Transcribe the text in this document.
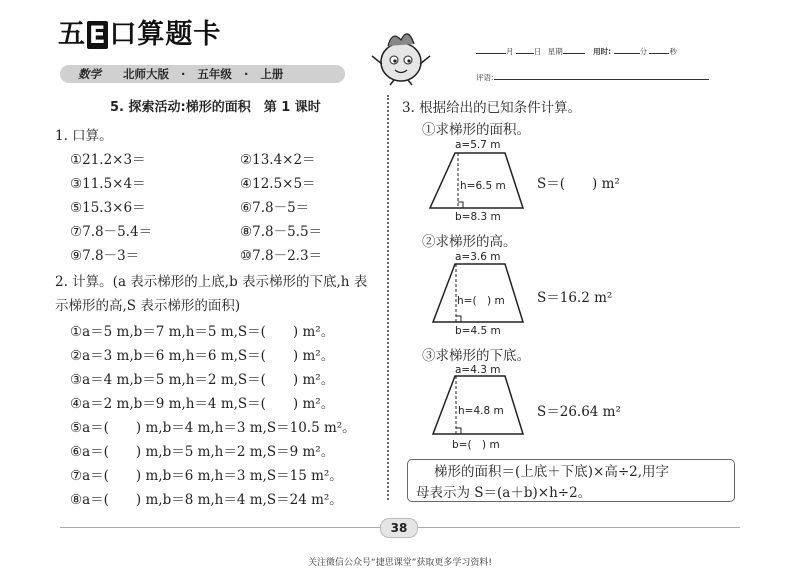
五 E 口算题卡
数学 北师大版 · 五年级 · 上册
月	日 星期	用时:	分	秒
评语:
5. 探索活动:梯形的面积　第 1 课时
1. 口算。
①21.2×3＝	②13.4×2＝
③11.5×4＝	④12.5×5＝
⑤15.3×6＝	⑥7.8－5＝
⑦7.8－5.4＝	⑧7.8－5.5＝
⑨7.8－3＝	⑩7.8－2.3＝
2. 计算。(a 表示梯形的上底,b 表示梯形的下底,h 表
示梯形的高,S 表示梯形的面积)
①a＝5 m,b＝7 m,h＝5 m,S＝(　　) m²。
②a＝3 m,b＝6 m,h＝6 m,S＝(　　) m²。
③a＝4 m,b＝5 m,h＝2 m,S＝(　　) m²。
④a＝2 m,b＝9 m,h＝4 m,S＝(　　) m²。
⑤a＝(　　) m,b＝4 m,h＝3 m,S＝10.5 m²。
⑥a＝(　　) m,b＝5 m,h＝2 m,S＝9 m²。
⑦a＝(　　) m,b＝6 m,h＝3 m,S＝15 m²。
⑧a＝(　　) m,b＝8 m,h＝4 m,S＝24 m²。
3. 根据给出的已知条件计算。
①求梯形的面积。
a=5.7 m
h=6.5 m
b=8.3 m
S＝(　　) m²
②求梯形的高。
a=3.6 m
h=(　) m
b=4.5 m
S＝16.2 m²
③求梯形的下底。
a=4.3 m
h=4.8 m
b=(　) m
S＝26.64 m²
梯形的面积＝(上底＋下底)×高÷2,用字
母表示为 S＝(a＋b)×h÷2。
38
关注微信公众号“捷思课堂”获取更多学习资料!
